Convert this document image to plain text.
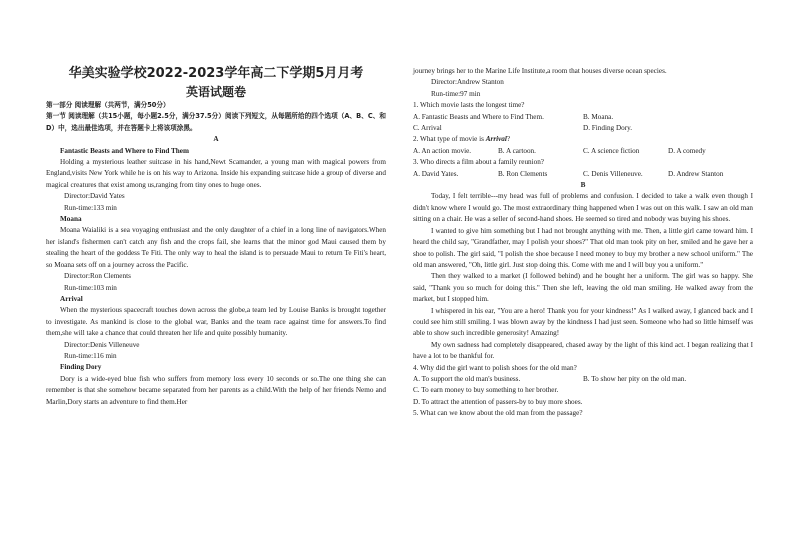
华美实验学校2022-2023学年高二下学期5月月考
英语试题卷
第一部分 阅读理解（共两节，满分50分）
第一节 阅读理解（共15小题，每小题2.5分，满分37.5分）阅读下列短文，从每题所给的四个选项（A、B、C、和D）中，选出最佳选项，并在答题卡上将该项涂黑。
A
Fantastic Beasts and Where to Find Them

Holding a mysterious leather suitcase in his hand,Newt Scamander, a young man with magical powers from England,visits New York while he is on his way to Arizona. Inside his expanding suitcase hide a group of diverse and magical creatures that exist among us,ranging from tiny ones to huge ones.

Director:David Yates
Run-time:133 min
Moana

Moana Waialiki is a sea voyaging enthusiast and the only daughter of a chief in a long line of navigators.When her island's fishermen can't catch any fish and the crops fail, she learns that the minor god Maui caused them by stealing the heart of the goddess Te Fiti. The only way to heal the island is to persuade Maui to return Te Fiti's heart, so Moana sets off on a journey across the Pacific.

Director:Ron Clements
Run-time:103 min
Arrival

When the mysterious spacecraft touches down across the globe,a team led by Louise Banks is brought together to investigate. As mankind is close to the global war, Banks and the team race against time for answers.To find them,she will take a chance that could threaten her life and quite possibly humanity.

Director:Denis Villeneuve
Run-time:116 min
Finding Dory

Dory is a wide-eyed blue fish who suffers from memory loss every 10 seconds or so.The one thing she can remember is that she somehow became separated from her parents as a child.With the help of her friends Nemo and Marlin,Dory starts an adventure to find them.Her

journey brings her to the Marine Life Institute,a room that houses diverse ocean species.

Director:Andrew Stanton
Run-time:97 min
1. Which movie lasts the longest time?
A. Fantastic Beasts and Where to Find Them.	B. Moana.
C. Arrival	D. Finding Dory.
2. What type of movie is Arrival?
A. An action movie.	B. A cartoon.	C. A science fiction	D. A comedy
3. Who directs a film about a family reunion?
A. David Yates.	B. Ron Clements	C. Denis Villeneuve.	D. Andrew Stanton
B

Today, I felt terrible---my head was full of problems and confusion. I decided to take a walk even though I didn't know where I would go. The most extraordinary thing happened when I was out on this walk. I saw an old man sitting on a chair. He was a seller of second-hand shoes. He seemed so tired and nobody was buying his shoes.

I wanted to give him something but I had not brought anything with me. Then, a little girl came toward him. I heard the child say, "Grandfather, may I polish your shoes?" That old man took pity on her, smiled and he gave her a shoe to polish. The girl said, "I polish the shoe because I need money to buy my brother a new school uniform." The old man answered, "Oh, little girl. Just stop doing this. Come with me and I will buy you a uniform."

Then they walked to a market (I followed behind) and he bought her a uniform. The girl was so happy. She said, "Thank you so much for doing this." Then she left, leaving the old man smiling. He walked away from the market, but I stopped him.

I whispered in his ear, "You are a hero! Thank you for your kindness!" As I walked away, I glanced back and I could see him still smiling. I was blown away by the kindness I had just seen. Someone who had so little himself was able to show such incredible generosity! Amazing!

My own sadness had completely disappeared, chased away by the light of this kind act. I began realizing that I have a lot to be thankful for.

4. Why did the girl want to polish shoes for the old man?
A. To support the old man's business.	B. To show her pity on the old man.
C. To earn money to buy something to her brother.
D. To attract the attention of passers-by to buy more shoes.
5. What can we know about the old man from the passage?
